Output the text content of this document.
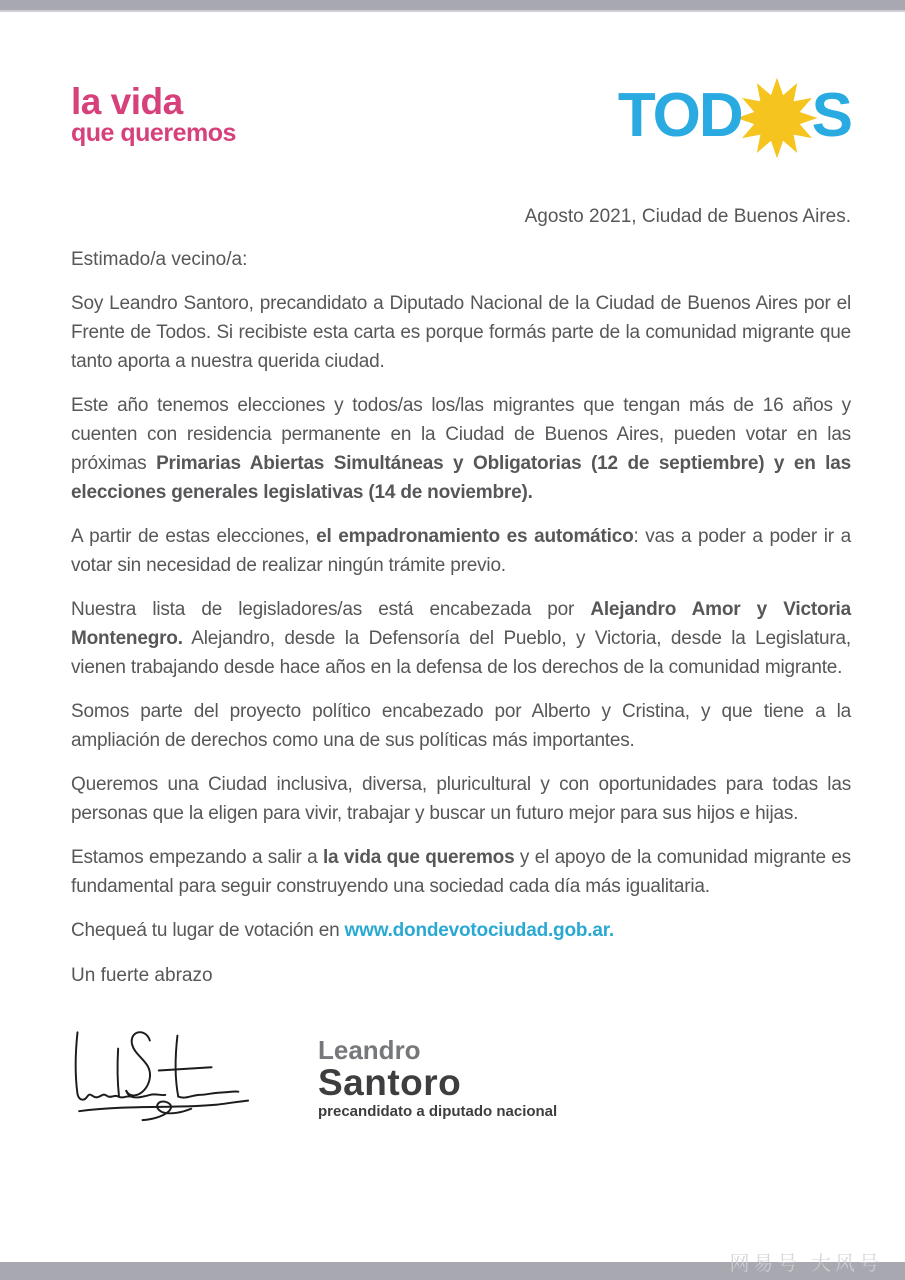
la vida
que queremos	TOD S
Agosto 2021, Ciudad de Buenos Aires.
Estimado/a vecino/a:

Soy Leandro Santoro, precandidato a Diputado Nacional de la Ciudad de Buenos Aires por el Frente de Todos. Si recibiste esta carta es porque formás parte de la comunidad migrante que tanto aporta a nuestra querida ciudad.

Este año tenemos elecciones y todos/as los/las migrantes que tengan más de 16 años y cuenten con residencia permanente en la Ciudad de Buenos Aires, pueden votar en las próximas Primarias Abiertas Simultáneas y Obligatorias (12 de septiembre) y en las elecciones generales legislativas (14 de noviembre).

A partir de estas elecciones, el empadronamiento es automático: vas a poder a poder ir a votar sin necesidad de realizar ningún trámite previo.

Nuestra lista de legisladores/as está encabezada por Alejandro Amor y Victoria Montenegro. Alejandro, desde la Defensoría del Pueblo, y Victoria, desde la Legislatura, vienen trabajando desde hace años en la defensa de los derechos de la comunidad migrante.

Somos parte del proyecto político encabezado por Alberto y Cristina, y que tiene a la ampliación de derechos como una de sus políticas más importantes.

Queremos una Ciudad inclusiva, diversa, pluricultural y con oportunidades para todas las personas que la eligen para vivir, trabajar y buscar un futuro mejor para sus hijos e hijas.

Estamos empezando a salir a la vida que queremos y el apoyo de la comunidad migrante es fundamental para seguir construyendo una sociedad cada día más igualitaria.

Chequeá tu lugar de votación en www.dondevotociudad.gob.ar.

Un fuerte abrazo
Leandro
Santoro
precandidato a diputado nacional
网易号 大风号
